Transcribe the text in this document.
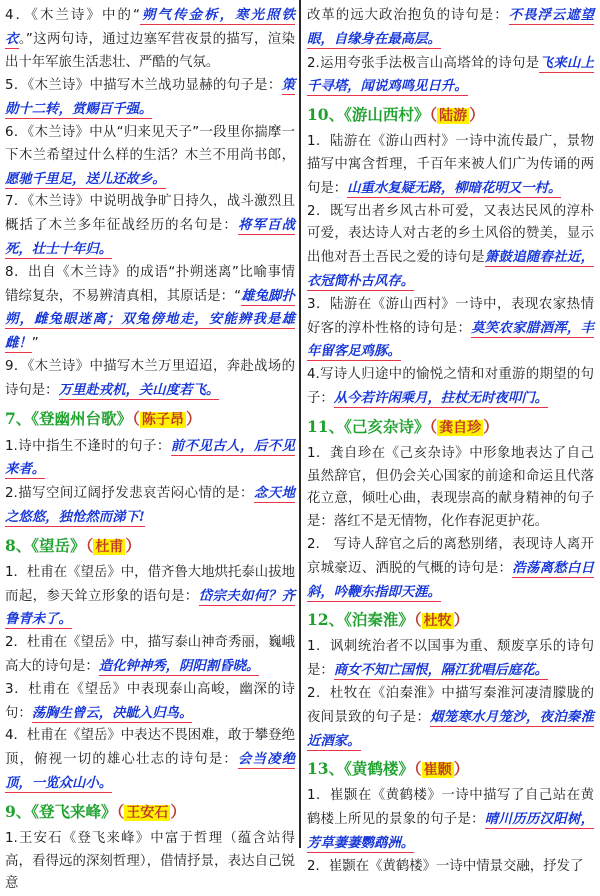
4．《木兰诗》中的“朔气传金柝，寒光照铁衣。”这两句诗，通过边塞军营夜景的描写，渲染出十年军旅生活悲壮、严酷的气氛。

5．《木兰诗》中描写木兰战功显赫的句子是：策勋十二转，赏赐百千强。

6．《木兰诗》中从“归来见天子”一段里你揣摩一下木兰希望过什么样的生活？木兰不用尚书郎，愿驰千里足，送儿还故乡。

7．《木兰诗》中说明战争旷日持久，战斗激烈且概括了木兰多年征战经历的名句是：将军百战死，壮士十年归。

8．出自《木兰诗》的成语“扑朔迷离”比喻事情错综复杂，不易辨清真相，其原话是：“雄兔脚扑朔，雌兔眼迷离；双兔傍地走，安能辨我是雄雌！”

9．《木兰诗》中描写木兰万里迢迢，奔赴战场的诗句是：万里赴戎机，关山度若飞。

7、《登幽州台歌》（ 陈子昂 ）

1.诗中指生不逢时的句子：前不见古人，后不见来者。

2.描写空间辽阔抒发悲哀苦闷心情的是：念天地之悠悠，独怆然而涕下!

8、《望岳》（ 杜甫 ）

1．杜甫在《望岳》中，借齐鲁大地烘托泰山拔地而起，参天耸立形象的语句是：岱宗夫如何？齐鲁青未了。

2．杜甫在《望岳》中，描写泰山神奇秀丽，巍峨高大的诗句是：造化钟神秀，阴阳割昏晓。

3．杜甫在《望岳》中表现泰山高峻，幽深的诗句：荡胸生曾云，决眦入归鸟。

4．杜甫在《望岳》中表达不畏困难，敢于攀登绝顶，俯视一切的雄心壮志的诗句是：会当凌绝顶，一览众山小。

9、《登飞来峰》（ 王安石 ）

1.王安石《登飞来峰》中富于哲理（蕴含站得高，看得远的深刻哲理），借情抒景，表达自己锐意

改革的远大政治抱负的诗句是：不畏浮云遮望眼，自缘身在最高层。

2.运用夸张手法极言山高塔耸的诗句是飞来山上千寻塔，闻说鸡鸣见日升。

10、《游山西村》（ 陆游 ）

1．陆游在《游山西村》一诗中流传最广，景物描写中寓含哲理，千百年来被人们广为传诵的两句是：山重水复疑无路，柳暗花明又一村。

2．既写出者乡风古朴可爱，又表达民风的淳朴可爱，表达诗人对古老的乡土风俗的赞美，显示出他对吾土吾民之爱的诗句是箫鼓追随春社近，衣冠简朴古风存。

3．陆游在《游山西村》一诗中，表现农家热情好客的淳朴性格的诗句是：莫笑农家腊酒浑，丰年留客足鸡豚。

4.写诗人归途中的愉悦之情和对重游的期望的句子：从今若许闲乘月，拄杖无时夜叩门。

11、《己亥杂诗》（ 龚自珍 ）

1．龚自珍在《己亥杂诗》中形象地表达了自己虽然辞官，但仍会关心国家的前途和命运且代落花立意，倾吐心曲，表现崇高的献身精神的句子是：落红不是无情物，化作春泥更护花。

2.　写诗人辞官之后的离愁别绪，表现诗人离开京城豪迈、洒脱的气概的诗句是：浩荡离愁白日斜，吟鞭东指即天涯。

12、《泊秦淮》（ 杜牧 ）

1．讽刺统治者不以国事为重、颓废享乐的诗句是：商女不知亡国恨，隔江犹唱后庭花。

2．杜牧在《泊秦淮》中描写秦淮河凄清朦胧的夜间景致的句子是：烟笼寒水月笼沙，夜泊秦淮近酒家。

13、《黄鹤楼》（ 崔颢 ）

1．崔颢在《黄鹤楼》一诗中描写了自己站在黄鹤楼上所见的景象的句子是：晴川历历汉阳树，芳草萋萋鹦鹉洲。

2．崔颢在《黄鹤楼》一诗中情景交融，抒发了
